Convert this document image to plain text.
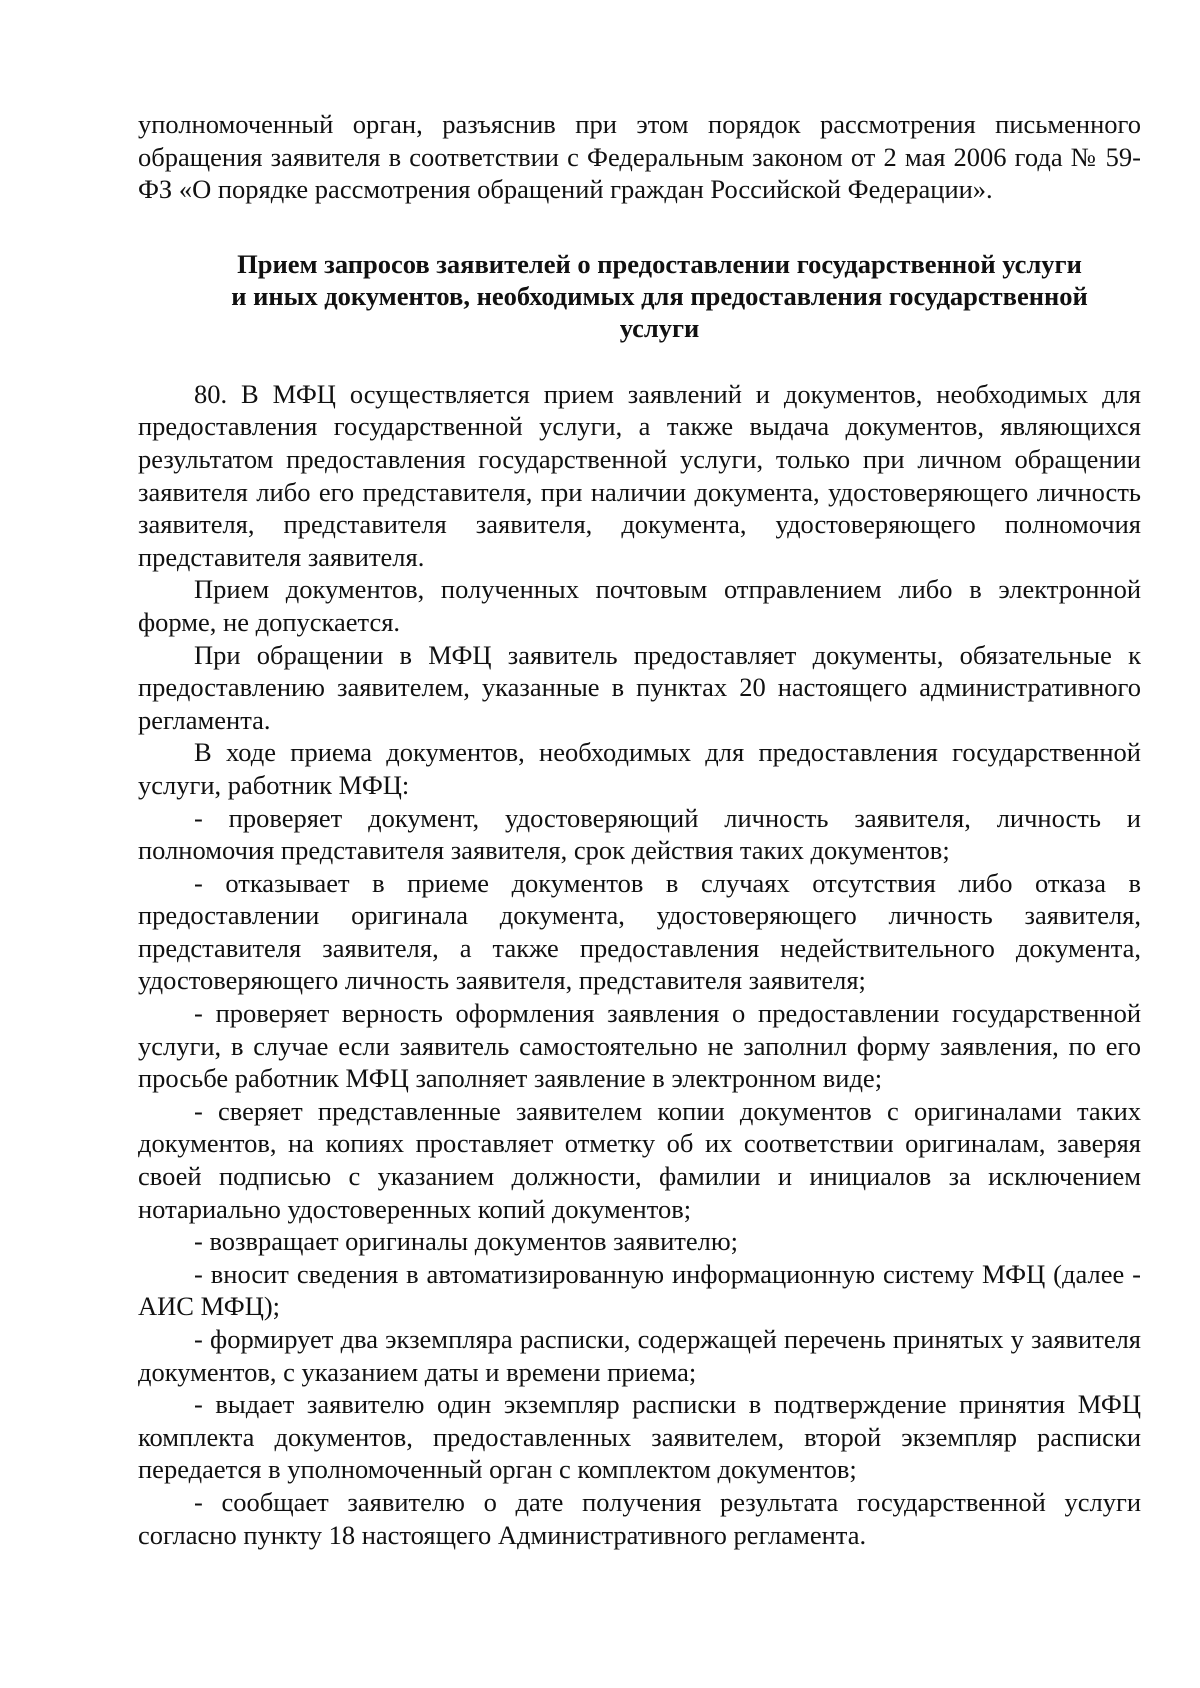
уполномоченный орган, разъяснив при этом порядок рассмотрения письменного обращения заявителя в соответствии с Федеральным законом от 2 мая 2006 года № 59-ФЗ «О порядке рассмотрения обращений граждан Российской Федерации».

Прием запросов заявителей о предоставлении государственной услуги
и иных документов, необходимых для предоставления государственной
услуги

80. В МФЦ осуществляется прием заявлений и документов, необходимых для предоставления государственной услуги, а также выдача документов, являющихся результатом предоставления государственной услуги, только при личном обращении заявителя либо его представителя, при наличии документа, удостоверяющего личность заявителя, представителя заявителя, документа, удостоверяющего полномочия представителя заявителя.

Прием документов, полученных почтовым отправлением либо в электронной форме, не допускается.

При обращении в МФЦ заявитель предоставляет документы, обязательные к предоставлению заявителем, указанные в пунктах 20 настоящего административного регламента.

В ходе приема документов, необходимых для предоставления государственной услуги, работник МФЦ:

- проверяет документ, удостоверяющий личность заявителя, личность и полномочия представителя заявителя, срок действия таких документов;

- отказывает в приеме документов в случаях отсутствия либо отказа в предоставлении оригинала документа, удостоверяющего личность заявителя, представителя заявителя, а также предоставления недействительного документа, удостоверяющего личность заявителя, представителя заявителя;

- проверяет верность оформления заявления о предоставлении государственной услуги, в случае если заявитель самостоятельно не заполнил форму заявления, по его просьбе работник МФЦ заполняет заявление в электронном виде;

- сверяет представленные заявителем копии документов с оригиналами таких документов, на копиях проставляет отметку об их соответствии оригиналам, заверяя своей подписью с указанием должности, фамилии и инициалов за исключением нотариально удостоверенных копий документов;

- возвращает оригиналы документов заявителю;

- вносит сведения в автоматизированную информационную систему МФЦ (далее - АИС МФЦ);

- формирует два экземпляра расписки, содержащей перечень принятых у заявителя документов, с указанием даты и времени приема;

- выдает заявителю один экземпляр расписки в подтверждение принятия МФЦ комплекта документов, предоставленных заявителем, второй экземпляр расписки передается в уполномоченный орган с комплектом документов;

- сообщает заявителю о дате получения результата государственной услуги согласно пункту 18 настоящего Административного регламента.
